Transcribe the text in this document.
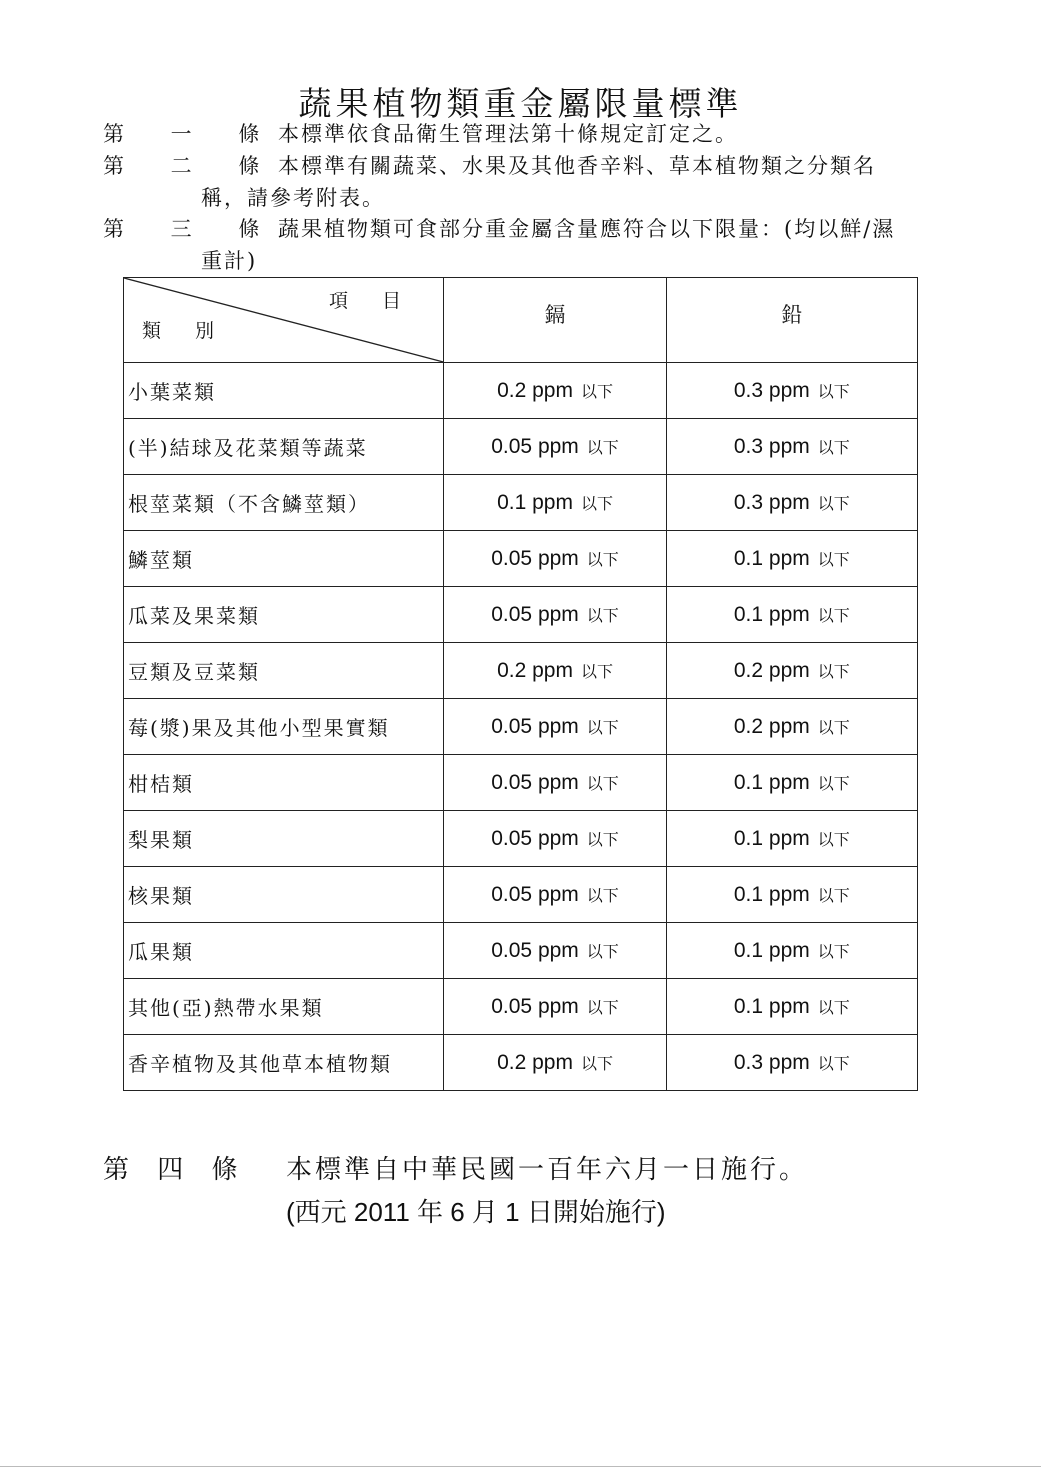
蔬果植物類重金屬限量標準
第 一 條
本標準依食品衛生管理法第十條規定訂定之。
第 二 條
本標準有關蔬菜、水果及其他香辛料、草本植物類之分類名
稱，請參考附表。
第 三 條
蔬果植物類可食部分重金屬含量應符合以下限量：(均以鮮/濕
重計)
項 目
類 別	鎘	鉛
小葉菜類	0.2 ppm 以下	0.3 ppm 以下
(半)結球及花菜類等蔬菜	0.05 ppm 以下	0.3 ppm 以下
根莖菜類（不含鱗莖類）	0.1 ppm 以下	0.3 ppm 以下
鱗莖類	0.05 ppm 以下	0.1 ppm 以下
瓜菜及果菜類	0.05 ppm 以下	0.1 ppm 以下
豆類及豆菜類	0.2 ppm 以下	0.2 ppm 以下
莓(漿)果及其他小型果實類	0.05 ppm 以下	0.2 ppm 以下
柑桔類	0.05 ppm 以下	0.1 ppm 以下
梨果類	0.05 ppm 以下	0.1 ppm 以下
核果類	0.05 ppm 以下	0.1 ppm 以下
瓜果類	0.05 ppm 以下	0.1 ppm 以下
其他(亞)熱帶水果類	0.05 ppm 以下	0.1 ppm 以下
香辛植物及其他草本植物類	0.2 ppm 以下	0.3 ppm 以下
第 四 條 本標準自中華民國一百年六月一日施行。
(西元 2011 年 6 月 1 日開始施行)
